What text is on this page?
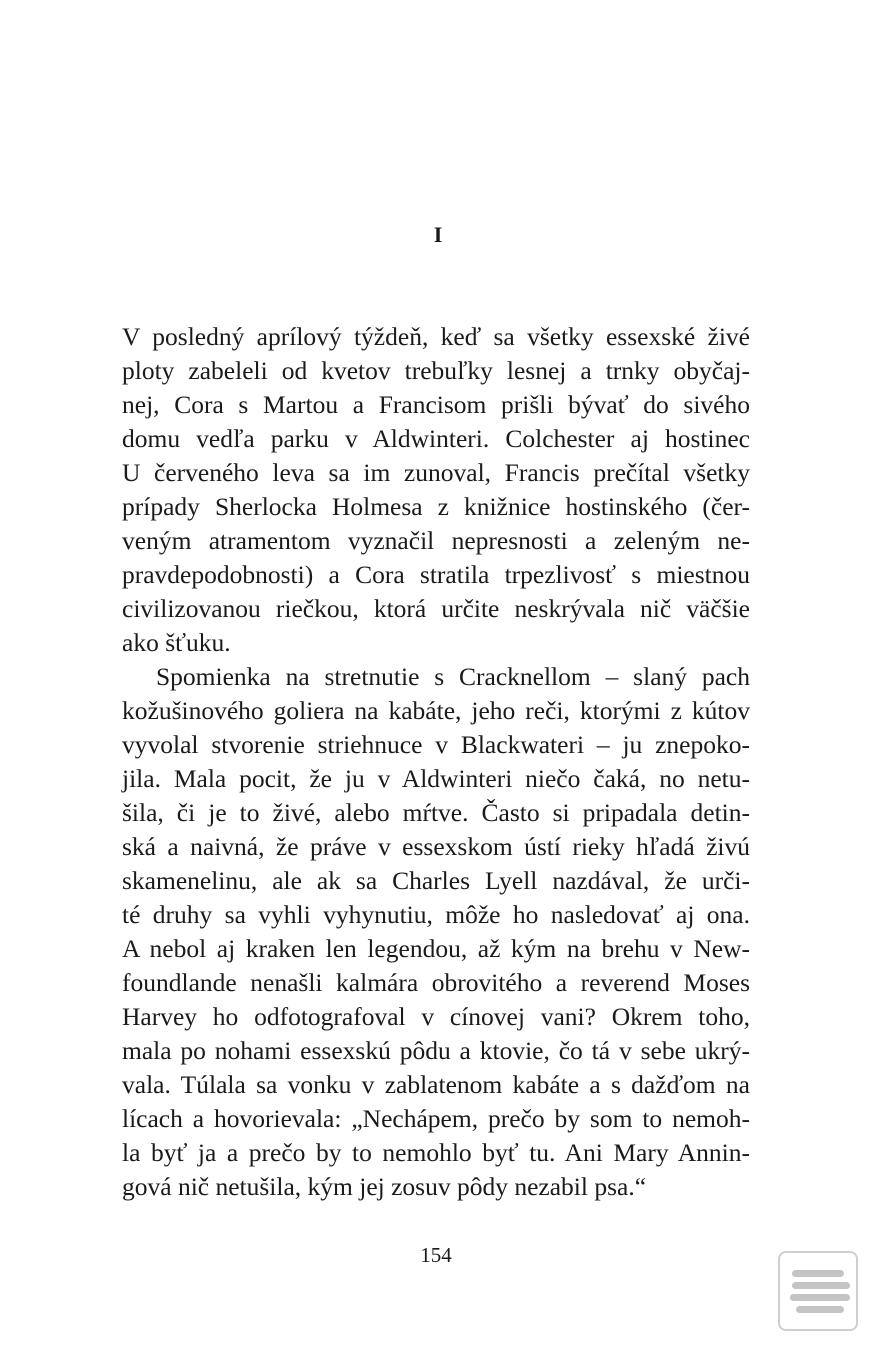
I
V posledný aprílový týždeň, keď sa všetky essexské živé
ploty zabeleli od kvetov trebuľky lesnej a trnky obyčaj-
nej, Cora s Martou a Francisom prišli bývať do sivého
domu vedľa parku v Aldwinteri. Colchester aj hostinec
U červeného leva sa im zunoval, Francis prečítal všetky
prípady Sherlocka Holmesa z knižnice hostinského (čer-
veným atramentom vyznačil nepresnosti a zeleným ne-
pravdepodobnosti) a Cora stratila trpezlivosť s miestnou
civilizovanou riečkou, ktorá určite neskrývala nič väčšie
ako šťuku.
Spomienka na stretnutie s Cracknellom – slaný pach
kožušinového goliera na kabáte, jeho reči, ktorými z kútov
vyvolal stvorenie striehnuce v Blackwateri – ju znepoko-
jila. Mala pocit, že ju v Aldwinteri niečo čaká, no netu-
šila, či je to živé, alebo mŕtve. Často si pripadala detin-
ská a naivná, že práve v essexskom ústí rieky hľadá živú
skamenelinu, ale ak sa Charles Lyell nazdával, že urči-
té druhy sa vyhli vyhynutiu, môže ho nasledovať aj ona.
A nebol aj kraken len legendou, až kým na brehu v New-
foundlande nenašli kalmára obrovitého a reverend Moses
Harvey ho odfotografoval v cínovej vani? Okrem toho,
mala po nohami essexskú pôdu a ktovie, čo tá v sebe ukrý-
vala. Túlala sa vonku v zablatenom kabáte a s dažďom na
lícach a hovorievala: „Nechápem, prečo by som to nemoh-
la byť ja a prečo by to nemohlo byť tu. Ani Mary Annin-
gová nič netušila, kým jej zosuv pôdy nezabil psa.“
154
